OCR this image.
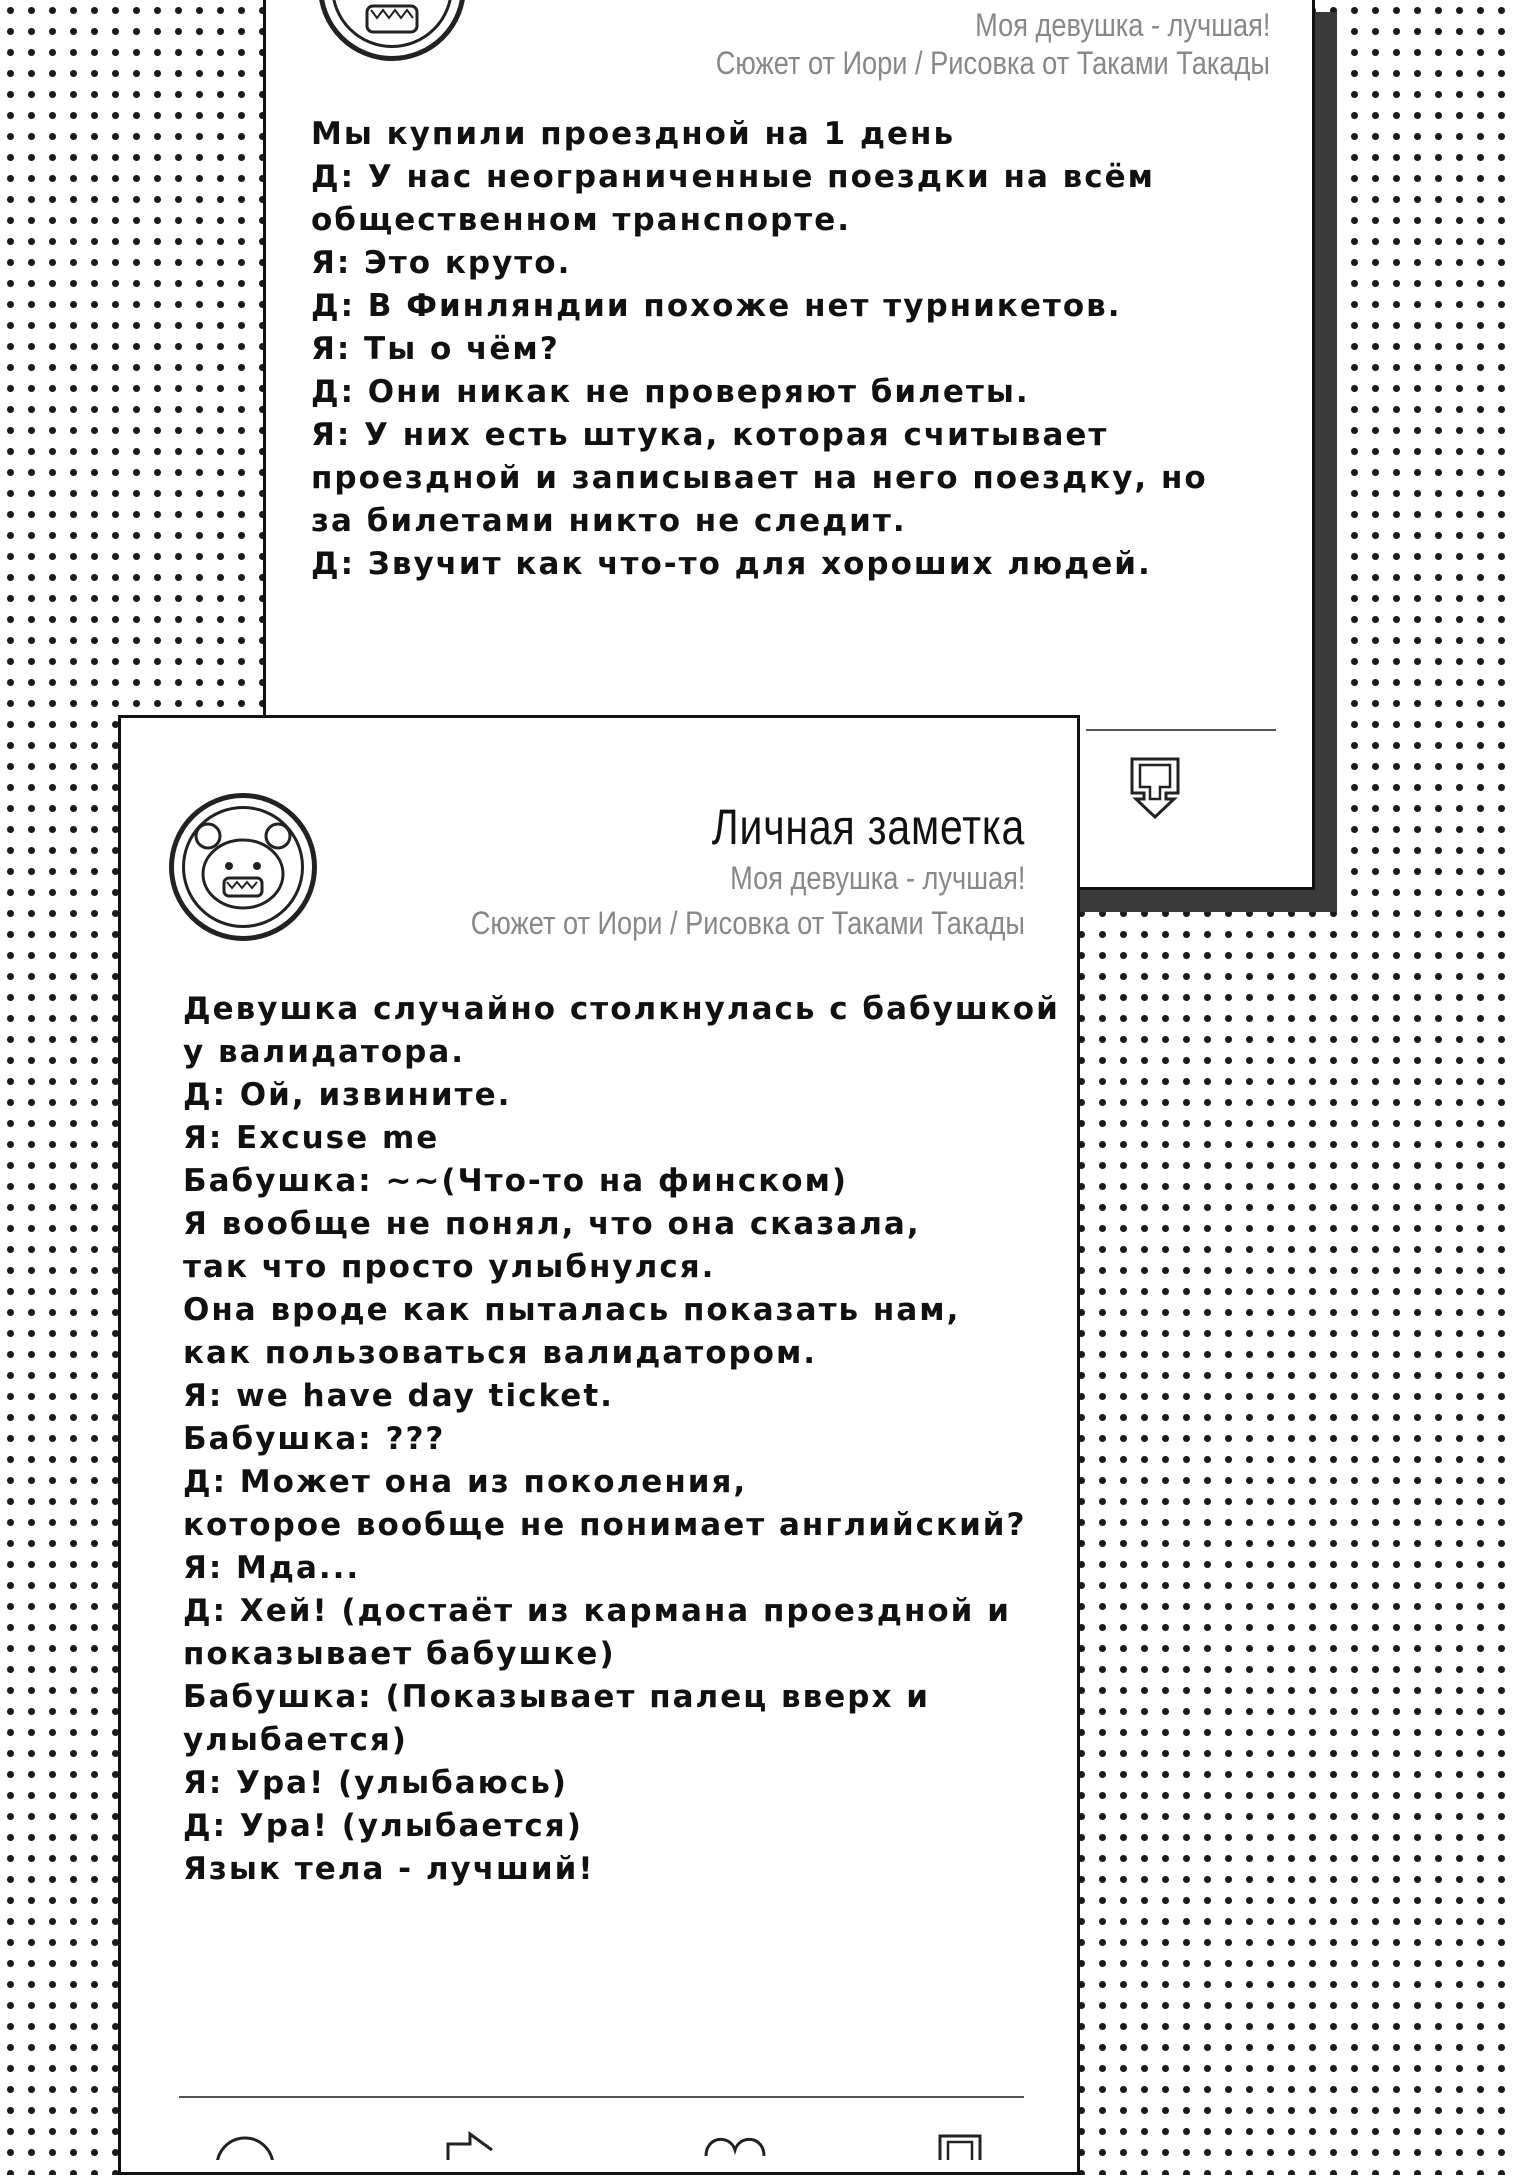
Моя девушка - лучшая!
Сюжет от Иори / Рисовка от Таками Такады
Мы купили проездной на 1 день
Д: У нас неограниченные поездки на всём
общественном транспорте.
Я: Это круто.
Д: В Финляндии похоже нет турникетов.
Я: Ты о чём?
Д: Они никак не проверяют билеты.
Я: У них есть штука, которая считывает
проездной и записывает на него поездку, но
за билетами никто не следит.
Д: Звучит как что-то для хороших людей.
Личная заметка
Моя девушка - лучшая!
Сюжет от Иори / Рисовка от Таками Такады
Девушка случайно столкнулась с бабушкой
у валидатора.
Д: Ой, извините.
Я: Excuse me
Бабушка: ~~(Что-то на финском)
Я вообще не понял, что она сказала,
так что просто улыбнулся.
Она вроде как пыталась показать нам,
как пользоваться валидатором.
Я: we have day ticket.
Бабушка: ???
Д: Может она из поколения,
которое вообще не понимает английский?
Я: Мда...
Д: Хей! (достаёт из кармана проездной и
показывает бабушке)
Бабушка: (Показывает палец вверх и
улыбается)
Я: Ура! (улыбаюсь)
Д: Ура! (улыбается)
Язык тела - лучший!
